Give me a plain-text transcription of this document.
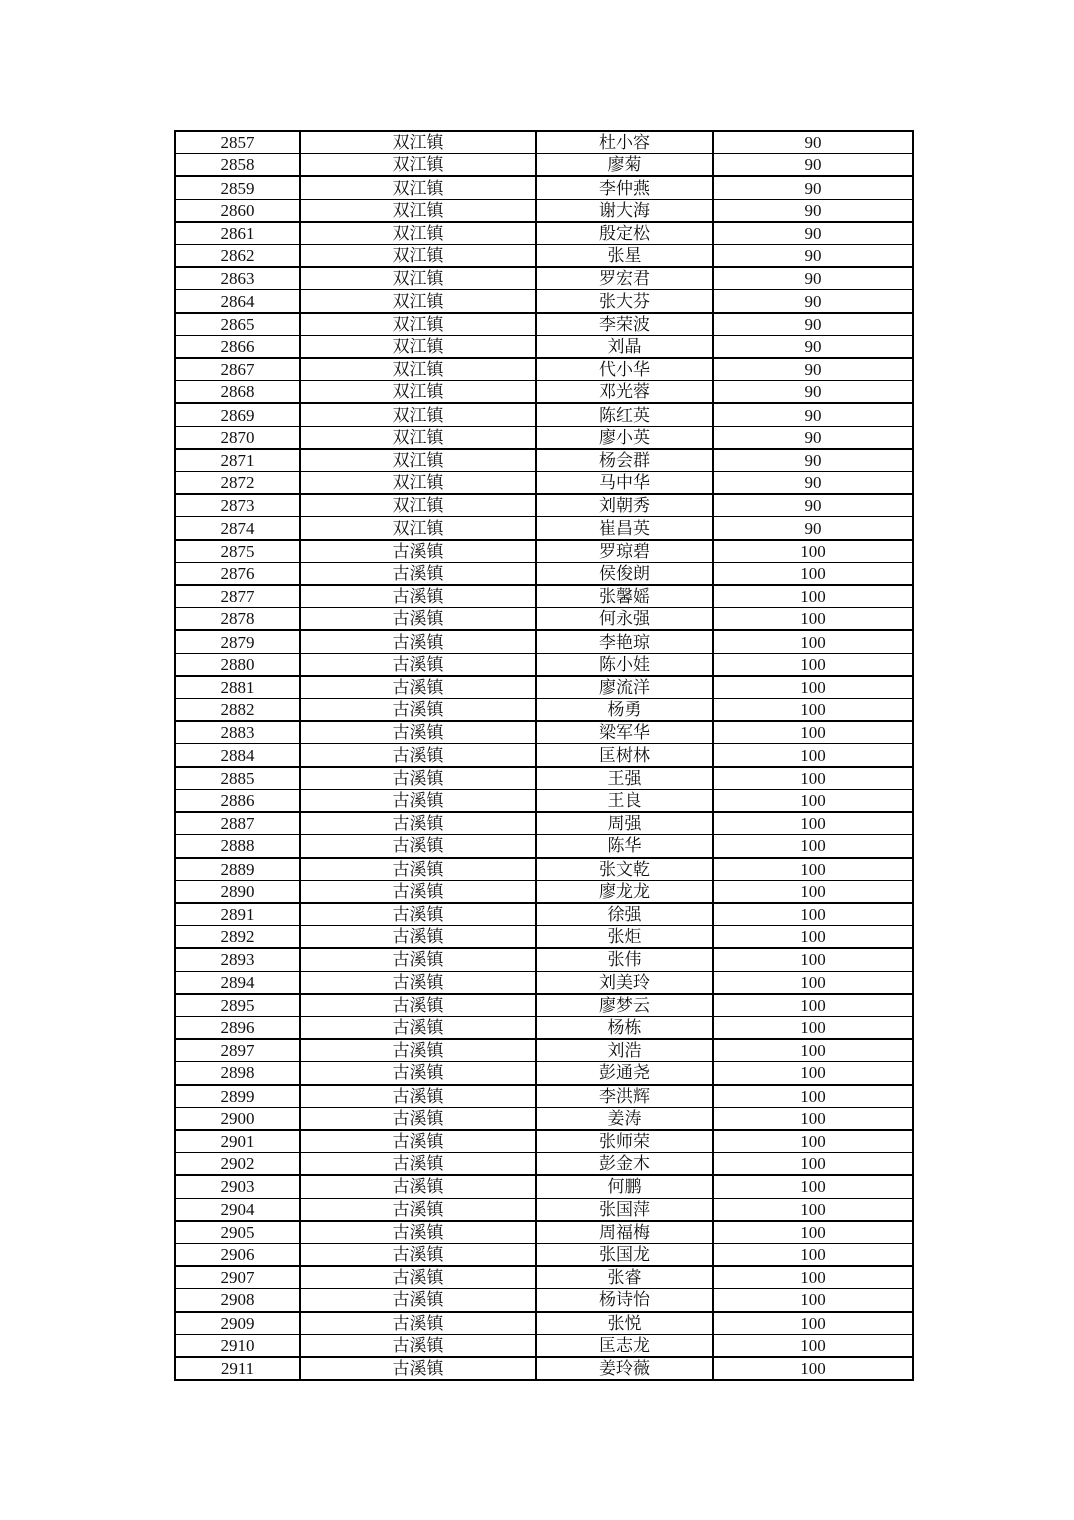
2857	双江镇	杜小容	90
2858	双江镇	廖菊	90
2859	双江镇	李仲燕	90
2860	双江镇	谢大海	90
2861	双江镇	殷定松	90
2862	双江镇	张星	90
2863	双江镇	罗宏君	90
2864	双江镇	张大芬	90
2865	双江镇	李荣波	90
2866	双江镇	刘晶	90
2867	双江镇	代小华	90
2868	双江镇	邓光蓉	90
2869	双江镇	陈红英	90
2870	双江镇	廖小英	90
2871	双江镇	杨会群	90
2872	双江镇	马中华	90
2873	双江镇	刘朝秀	90
2874	双江镇	崔昌英	90
2875	古溪镇	罗琼碧	100
2876	古溪镇	侯俊朗	100
2877	古溪镇	张馨媱	100
2878	古溪镇	何永强	100
2879	古溪镇	李艳琼	100
2880	古溪镇	陈小娃	100
2881	古溪镇	廖流洋	100
2882	古溪镇	杨勇	100
2883	古溪镇	梁军华	100
2884	古溪镇	匡树林	100
2885	古溪镇	王强	100
2886	古溪镇	王良	100
2887	古溪镇	周强	100
2888	古溪镇	陈华	100
2889	古溪镇	张文乾	100
2890	古溪镇	廖龙龙	100
2891	古溪镇	徐强	100
2892	古溪镇	张炬	100
2893	古溪镇	张伟	100
2894	古溪镇	刘美玲	100
2895	古溪镇	廖梦云	100
2896	古溪镇	杨栋	100
2897	古溪镇	刘浩	100
2898	古溪镇	彭通尧	100
2899	古溪镇	李洪辉	100
2900	古溪镇	姜涛	100
2901	古溪镇	张师荣	100
2902	古溪镇	彭金木	100
2903	古溪镇	何鹏	100
2904	古溪镇	张国萍	100
2905	古溪镇	周福梅	100
2906	古溪镇	张国龙	100
2907	古溪镇	张睿	100
2908	古溪镇	杨诗怡	100
2909	古溪镇	张悦	100
2910	古溪镇	匡志龙	100
2911	古溪镇	姜玲薇	100
